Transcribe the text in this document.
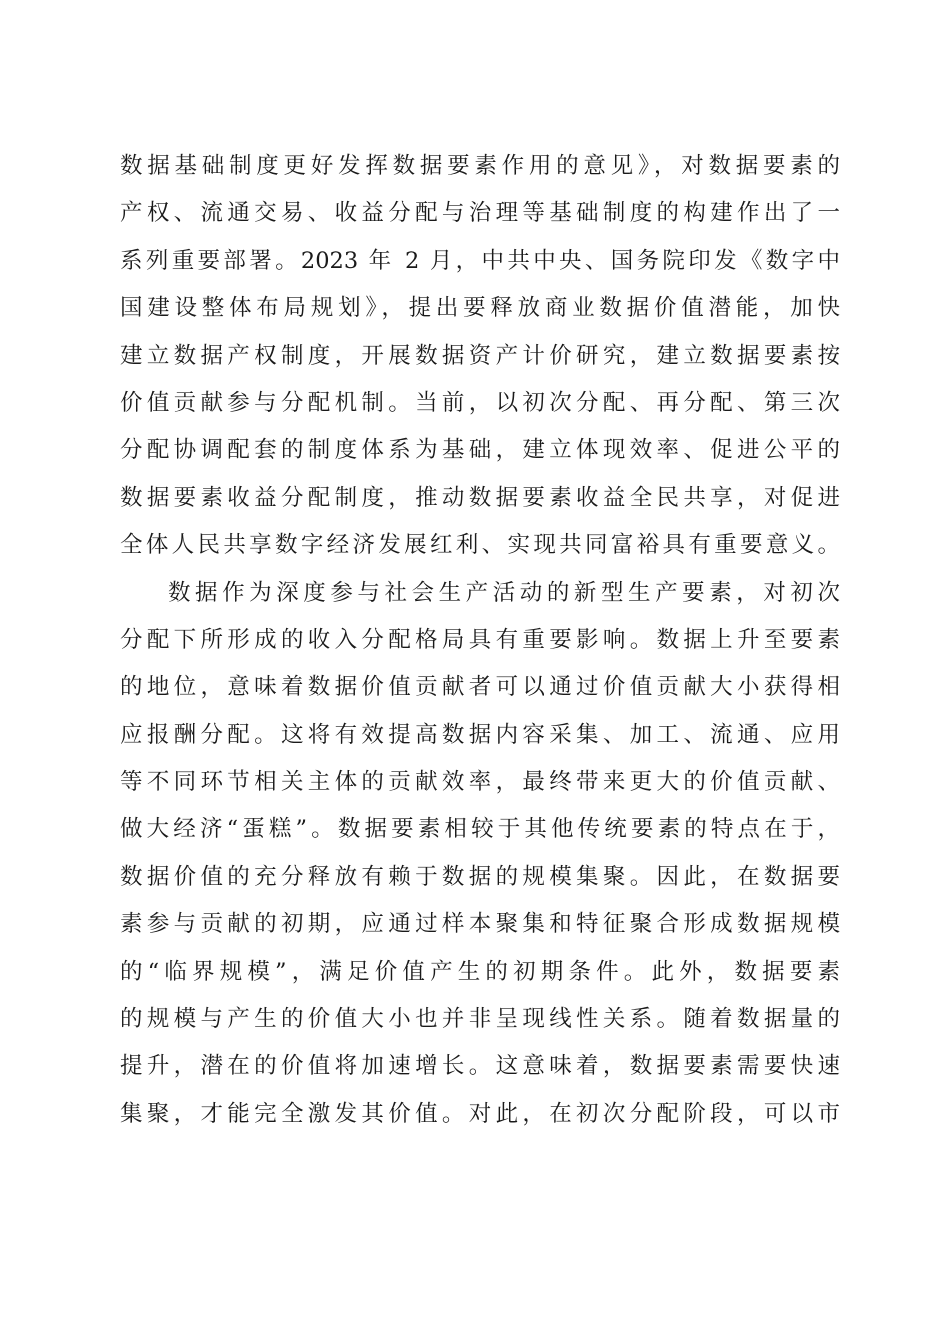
数据基础制度更好发挥数据要素作用的意见》，对数据要素的
产权、流通交易、收益分配与治理等基础制度的构建作出了一
系列重要部署。2023 年 2 月，中共中央、国务院印发《数字中
国建设整体布局规划》，提出要释放商业数据价值潜能，加快
建立数据产权制度，开展数据资产计价研究，建立数据要素按
价值贡献参与分配机制。当前，以初次分配、再分配、第三次
分配协调配套的制度体系为基础，建立体现效率、促进公平的
数据要素收益分配制度，推动数据要素收益全民共享，对促进
全体人民共享数字经济发展红利、实现共同富裕具有重要意义。
数据作为深度参与社会生产活动的新型生产要素，对初次
分配下所形成的收入分配格局具有重要影响。数据上升至要素
的地位，意味着数据价值贡献者可以通过价值贡献大小获得相
应报酬分配。这将有效提高数据内容采集、加工、流通、应用
等不同环节相关主体的贡献效率，最终带来更大的价值贡献、
做大经济“蛋糕”。数据要素相较于其他传统要素的特点在于，
数据价值的充分释放有赖于数据的规模集聚。因此，在数据要
素参与贡献的初期，应通过样本聚集和特征聚合形成数据规模
的“临界规模”，满足价值产生的初期条件。此外，数据要素
的规模与产生的价值大小也并非呈现线性关系。随着数据量的
提升，潜在的价值将加速增长。这意味着，数据要素需要快速
集聚，才能完全激发其价值。对此，在初次分配阶段，可以市
